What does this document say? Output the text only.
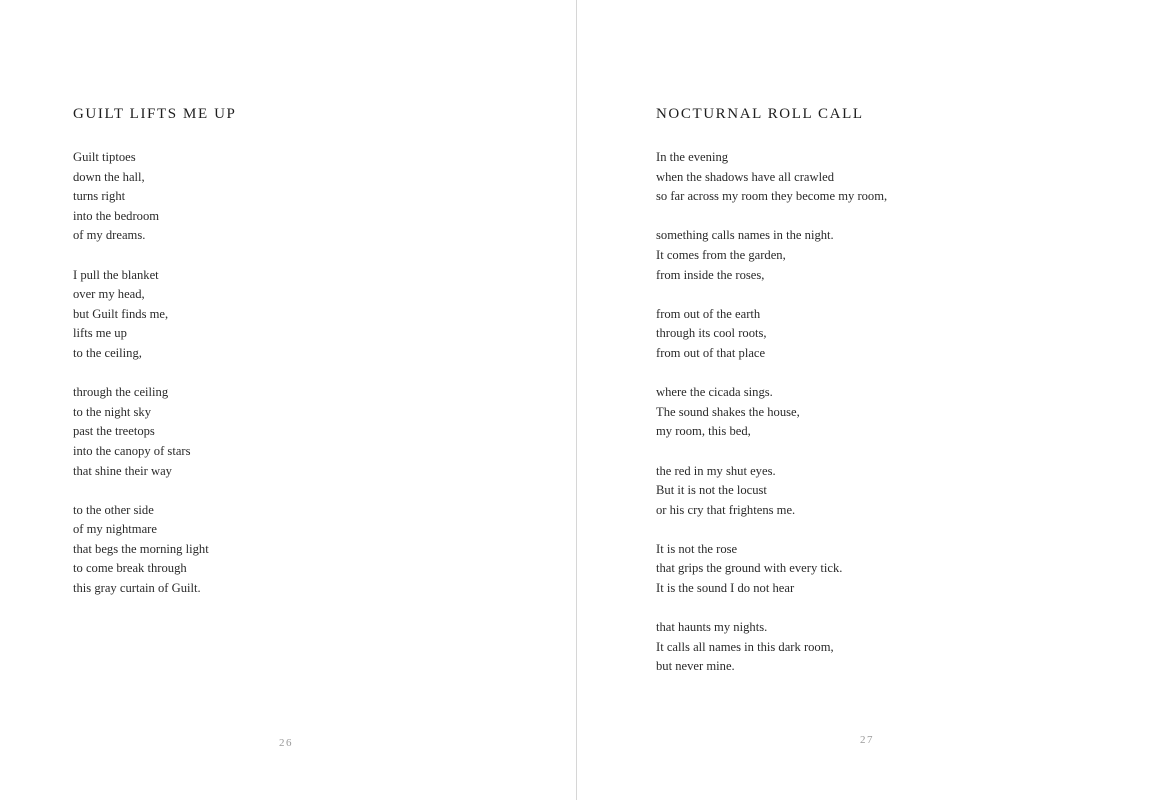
GUILT LIFTS ME UP
Guilt tiptoes
down the hall,
turns right
into the bedroom
of my dreams.
I pull the blanket
over my head,
but Guilt finds me,
lifts me up
to the ceiling,
through the ceiling
to the night sky
past the treetops
into the canopy of stars
that shine their way
to the other side
of my nightmare
that begs the morning light
to come break through
this gray curtain of Guilt.
26
NOCTURNAL ROLL CALL
In the evening
when the shadows have all crawled
so far across my room they become my room,
something calls names in the night.
It comes from the garden,
from inside the roses,
from out of the earth
through its cool roots,
from out of that place
where the cicada sings.
The sound shakes the house,
my room, this bed,
the red in my shut eyes.
But it is not the locust
or his cry that frightens me.
It is not the rose
that grips the ground with every tick.
It is the sound I do not hear
that haunts my nights.
It calls all names in this dark room,
but never mine.
27
